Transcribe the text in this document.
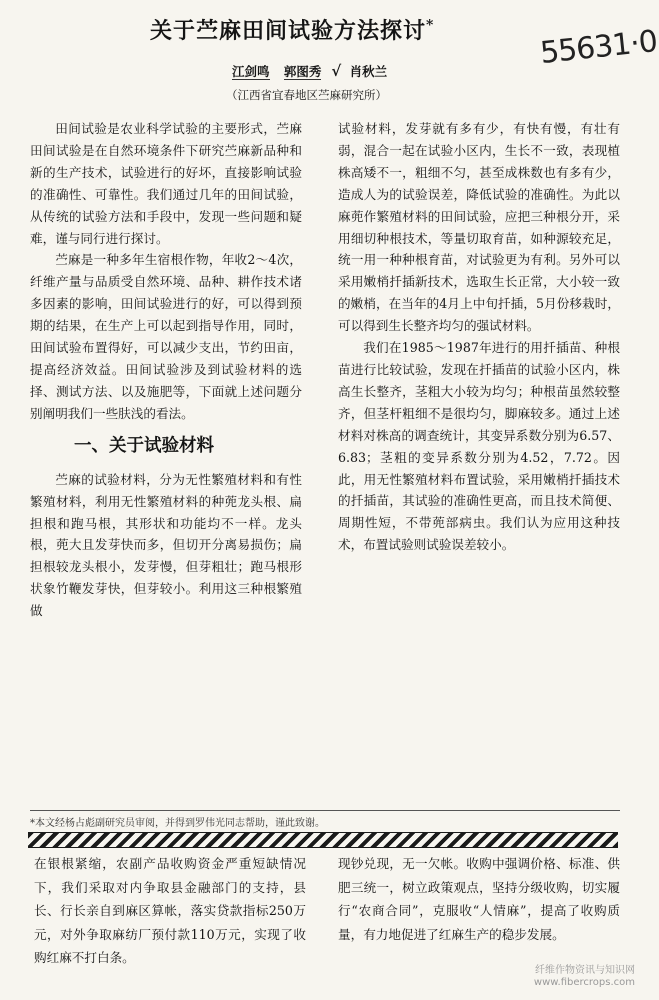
关于苎麻田间试验方法探讨*	55631·0
江剑鸣 郭图秀 √ 肖秋兰
（江西省宜春地区苎麻研究所）

田间试验是农业科学试验的主要形式，苎麻田间试验是在自然环境条件下研究苎麻新品种和新的生产技术，试验进行的好坏，直接影响试验的准确性、可靠性。我们通过几年的田间试验，从传统的试验方法和手段中，发现一些问题和疑难，谨与同行进行探讨。

苎麻是一种多年生宿根作物，年收2～4次，纤维产量与品质受自然环境、品种、耕作技术诸多因素的影响，田间试验进行的好，可以得到预期的结果，在生产上可以起到指导作用，同时，田间试验布置得好，可以减少支出，节约田亩，提高经济效益。田间试验涉及到试验材料的选择、测试方法、以及施肥等，下面就上述问题分别阐明我们一些肤浅的看法。

一、关于试验材料

苎麻的试验材料，分为无性繁殖材料和有性繁殖材料，利用无性繁殖材料的种蔸龙头根、扁担根和跑马根，其形状和功能均不一样。龙头根，蔸大且发芽快而多，但切开分离易损伤；扁担根较龙头根小，发芽慢，但芽粗壮；跑马根形状象竹鞭发芽快，但芽较小。利用这三种根繁殖做

试验材料，发芽就有多有少，有快有慢，有壮有弱，混合一起在试验小区内，生长不一致，表现植株高矮不一，粗细不匀，甚至成株数也有多有少，造成人为的试验误差，降低试验的准确性。为此以麻蔸作繁殖材料的田间试验，应把三种根分开，采用细切种根技术，等量切取育苗，如种源较充足，统一用一种种根育苗，对试验更为有利。另外可以采用嫩梢扦插新技术，选取生长正常，大小较一致的嫩梢，在当年的4月上中旬扦插，5月份移栽时，可以得到生长整齐均匀的强试材料。

我们在1985～1987年进行的用扦插苗、种根苗进行比较试验，发现在扦插苗的试验小区内，株高生长整齐，茎粗大小较为均匀；种根苗虽然较整齐，但茎杆粗细不是很均匀，脚麻较多。通过上述材料对株高的调查统计，其变异系数分别为6.57、6.83；茎粗的变异系数分别为4.52，7.72。因此，用无性繁殖材料布置试验，采用嫩梢扦插技术的扦插苗，其试验的准确性更高，而且技术简便、周期性短，不带蔸部病虫。我们认为应用这种技术，布置试验则试验误差较小。

*本文经杨占彪副研究员审阅，并得到罗伟光同志帮助，谨此致谢。
在银根紧缩，农副产品收购资金严重短缺情况下，我们采取对内争取县金融部门的支持，县长、行长亲自到麻区算帐，落实贷款指标250万元，对外争取麻纺厂预付款110万元，实现了收购红麻不打白条。
现钞兑现，无一欠帐。收购中强调价格、标准、供肥三统一，树立政策观点，坚持分级收购，切实履行“农商合同”，克服收“人情麻”，提高了收购质量，有力地促进了红麻生产的稳步发展。
纤维作物资讯与知识网
www.fibercrops.com
